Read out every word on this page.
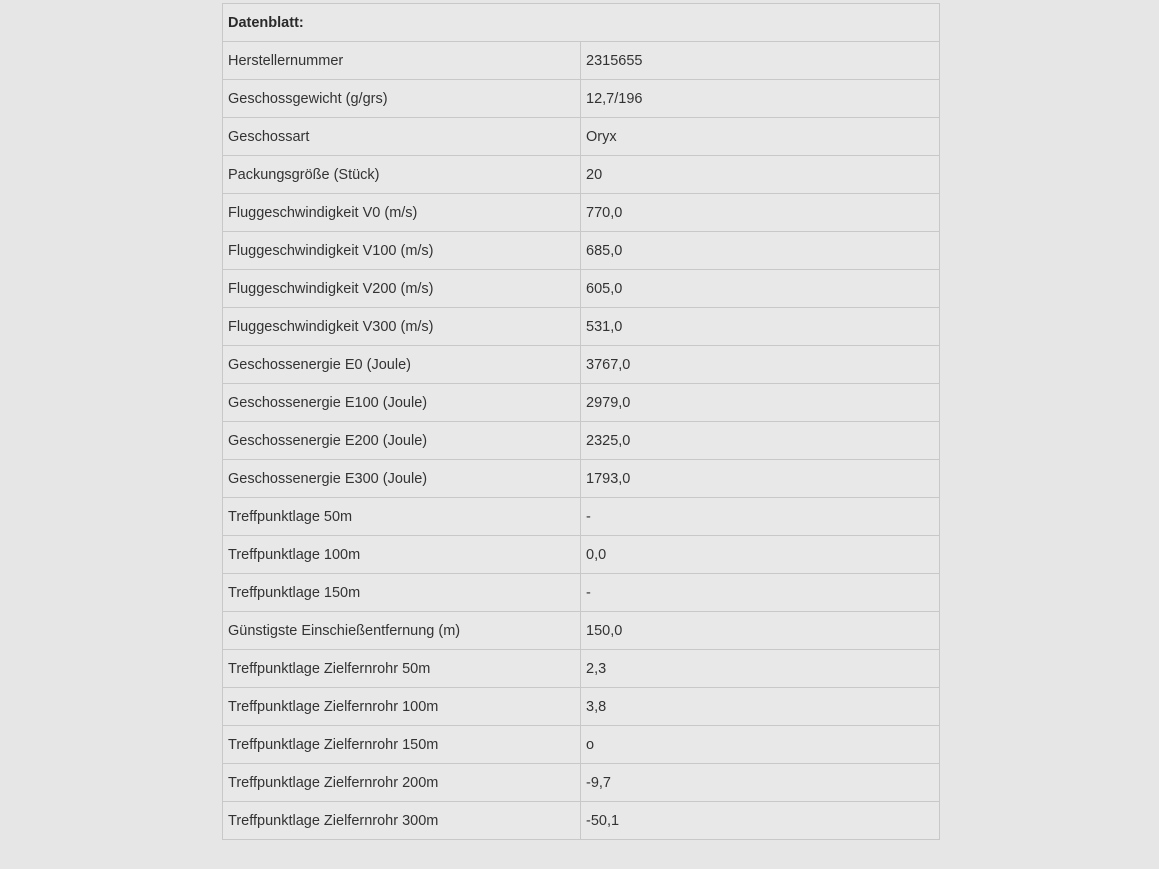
Datenblatt:	
Herstellernummer	2315655
Geschossgewicht (g/grs)	12,7/196
Geschossart	Oryx
Packungsgröße (Stück)	20
Fluggeschwindigkeit V0 (m/s)	770,0
Fluggeschwindigkeit V100 (m/s)	685,0
Fluggeschwindigkeit V200 (m/s)	605,0
Fluggeschwindigkeit V300 (m/s)	531,0
Geschossenergie E0 (Joule)	3767,0
Geschossenergie E100 (Joule)	2979,0
Geschossenergie E200 (Joule)	2325,0
Geschossenergie E300 (Joule)	1793,0
Treffpunktlage 50m	-
Treffpunktlage 100m	0,0
Treffpunktlage 150m	-
Günstigste Einschießentfernung (m)	150,0
Treffpunktlage Zielfernrohr 50m	2,3
Treffpunktlage Zielfernrohr 100m	3,8
Treffpunktlage Zielfernrohr 150m	o
Treffpunktlage Zielfernrohr 200m	-9,7
Treffpunktlage Zielfernrohr 300m	-50,1
